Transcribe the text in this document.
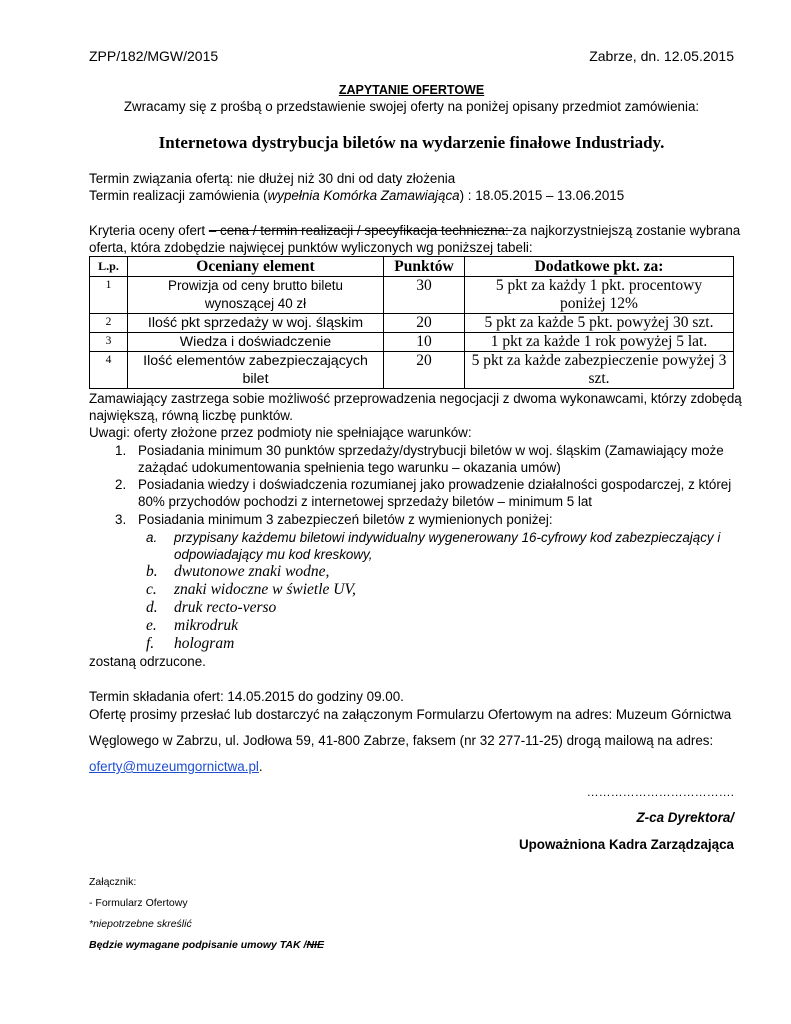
ZPP/182/MGW/2015	Zabrze, dn. 12.05.2015
ZAPYTANIE OFERTOWE
Zwracamy się z prośbą o przedstawienie swojej oferty na poniżej opisany przedmiot zamówienia:
Internetowa dystrybucja biletów na wydarzenie finałowe Industriady.
Termin związania ofertą: nie dłużej niż 30 dni od daty złożenia
Termin realizacji zamówienia (wypełnia Komórka Zamawiająca) : 18.05.2015 – 13.06.2015
Kryteria oceny ofert – cena / termin realizacji / specyfikacja techniczna: za najkorzystniejszą zostanie wybrana
oferta, która zdobędzie najwięcej punktów wyliczonych wg poniższej tabeli:
L.p.	Oceniany element	Punktów	Dodatkowe pkt. za:
1	Prowizja od ceny brutto biletu wynoszącej 40 zł	30	5 pkt za każdy 1 pkt. procentowy poniżej 12%
2	Ilość pkt sprzedaży w woj. śląskim	20	5 pkt za każde 5 pkt. powyżej 30 szt.
3	Wiedza i doświadczenie	10	1 pkt za każde 1 rok powyżej 5 lat.
4	Ilość elementów zabezpieczających bilet	20	5 pkt za każde zabezpieczenie powyżej 3 szt.
Zamawiający zastrzega sobie możliwość przeprowadzenia negocjacji z dwoma wykonawcami, którzy zdobędą
największą, równą liczbę punktów.
Uwagi: oferty złożone przez podmioty nie spełniające warunków:
1. Posiadania minimum 30 punktów sprzedaży/dystrybucji biletów w woj. śląskim (Zamawiający może
zażądać udokumentowania spełnienia tego warunku – okazania umów)
2. Posiadania wiedzy i doświadczenia rozumianej jako prowadzenie działalności gospodarczej, z której
80% przychodów pochodzi z internetowej sprzedaży biletów – minimum 5 lat
3. Posiadania minimum 3 zabezpieczeń biletów z wymienionych poniżej:
a. przypisany każdemu biletowi indywidualny wygenerowany 16-cyfrowy kod zabezpieczający i
odpowiadający mu kod kreskowy,
b. dwutonowe znaki wodne,
c. znaki widoczne w świetle UV,
d. druk recto-verso
e. mikrodruk
f. hologram
zostaną odrzucone.
Termin składania ofert: 14.05.2015 do godziny 09.00.
Ofertę prosimy przesłać lub dostarczyć na załączonym Formularzu Ofertowym na adres: Muzeum Górnictwa
Węglowego w Zabrzu, ul. Jodłowa 59, 41-800 Zabrze, faksem (nr 32 277-11-25) drogą mailową na adres:
oferty@muzeumgornictwa.pl.
……………………………….
Z-ca Dyrektora/
Upoważniona Kadra Zarządzająca
Załącznik:
- Formularz Ofertowy
*niepotrzebne skreślić
Będzie wymagane podpisanie umowy TAK /NIE
